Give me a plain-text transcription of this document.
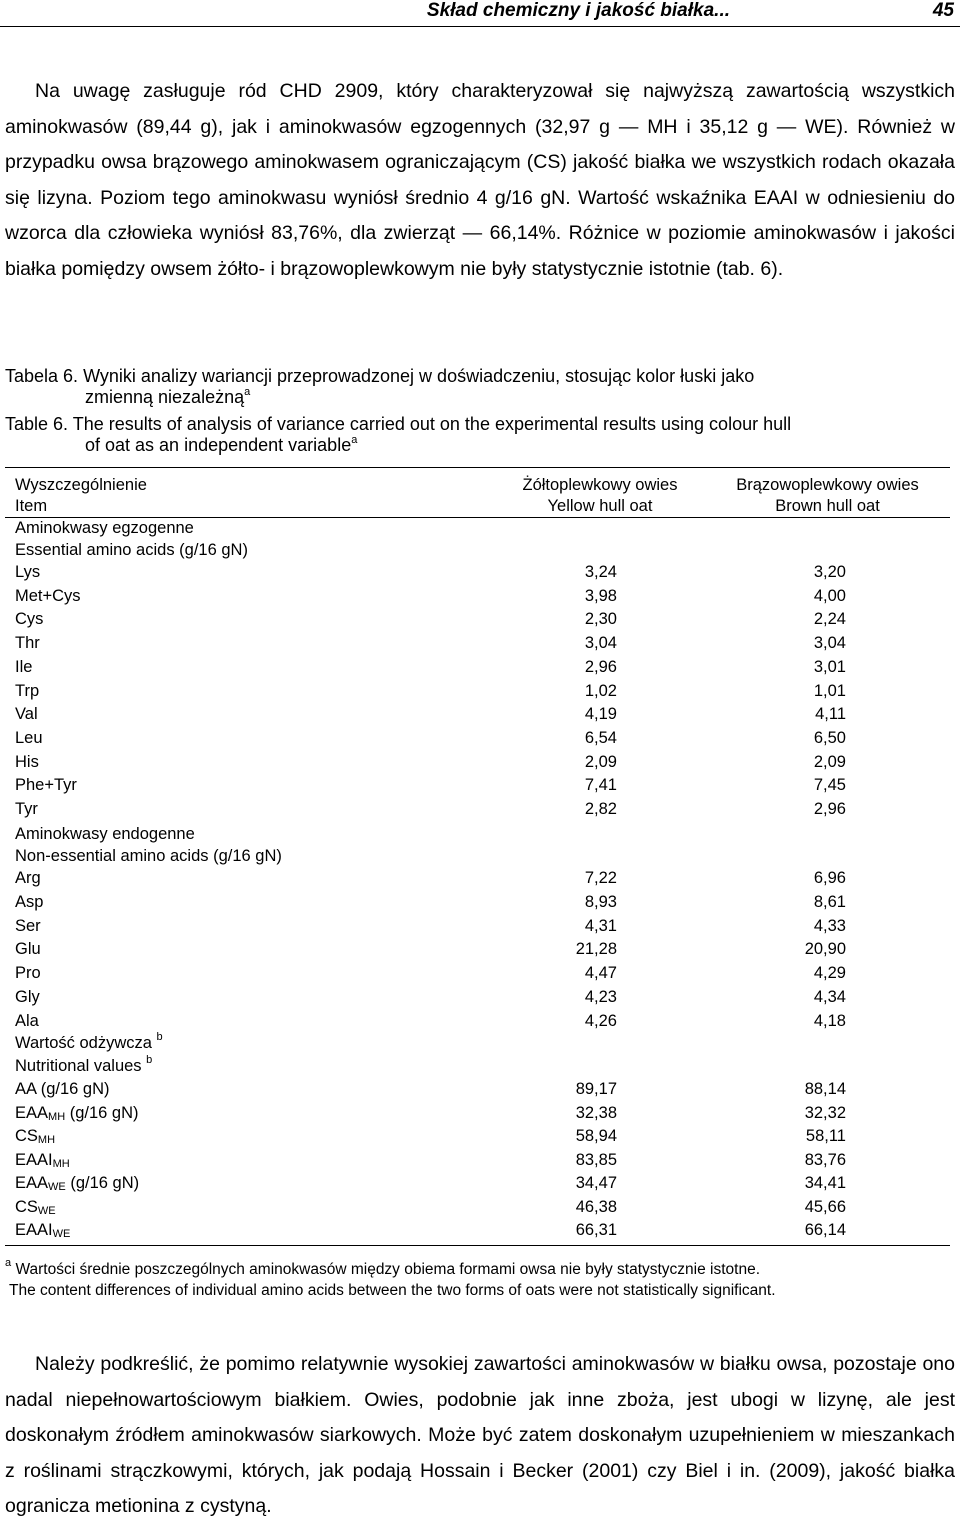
Skład chemiczny i jakość białka...	45
Na uwagę zasługuje ród CHD 2909, który charakteryzował się najwyższą zawartością wszystkich aminokwasów (89,44 g), jak i aminokwasów egzogennych (32,97 g — MH i 35,12 g — WE). Również w przypadku owsa brązowego aminokwasem ograniczającym (CS) jakość białka we wszystkich rodach okazała się lizyna. Poziom tego aminokwasu wyniósł średnio 4 g/16 gN. Wartość wskaźnika EAAI w odniesieniu do wzorca dla człowieka wyniósł 83,76%, dla zwierząt — 66,14%. Różnice w poziomie aminokwasów i jakości białka pomiędzy owsem żółto- i brązowoplewkowym nie były statystycznie istotnie (tab. 6).
Tabela 6. Wyniki analizy wariancji przeprowadzonej w doświadczeniu, stosując kolor łuski jako
zmienną niezależną$^a$
Table 6. The results of analysis of variance carried out on the experimental results using colour hull
of oat as an independent variable$^a$
Wyszczególnienie	Żółtoplewkowy owies	Brązowoplewkowy owies
Item	Yellow hull oat	Brown hull oat
Aminokwasy egzogenne
Essential amino acids (g/16 gN)
Lys	3,24	3,20
Met+Cys	3,98	4,00
Cys	2,30	2,24
Thr	3,04	3,04
Ile	2,96	3,01
Trp	1,02	1,01
Val	4,19	4,11
Leu	6,54	6,50
His	2,09	2,09
Phe+Tyr	7,41	7,45
Tyr	2,82	2,96
Aminokwasy endogenne
Non-essential amino acids (g/16 gN)
Arg	7,22	6,96
Asp	8,93	8,61
Ser	4,31	4,33
Glu	21,28	20,90
Pro	4,47	4,29
Gly	4,23	4,34
Ala	4,26	4,18
Wartość odżywcza $^b$
Nutritional values $^b$
AA (g/16 gN)	89,17	88,14
$EAA_{MH}$ (g/16 gN)	32,38	32,32
$CS_{MH}$	58,94	58,11
$EAAI_{MH}$	83,85	83,76
$EAA_{WE}$ (g/16 gN)	34,47	34,41
$CS_{WE}$	46,38	45,66
$EAAI_{WE}$	66,31	66,14
$^a$ Wartości średnie poszczególnych aminokwasów między obiema formami owsa nie były statystycznie istotne.
The content differences of individual amino acids between the two forms of oats were not statistically significant.
Należy podkreślić, że pomimo relatywnie wysokiej zawartości aminokwasów w białku owsa, pozostaje ono nadal niepełnowartościowym białkiem. Owies, podobnie jak inne zboża, jest ubogi w lizynę, ale jest doskonałym źródłem aminokwasów siarkowych. Może być zatem doskonałym uzupełnieniem w mieszankach z roślinami strączkowymi, których, jak podają Hossain i Becker (2001) czy Biel i in. (2009), jakość białka ogranicza metionina z cystyną.
